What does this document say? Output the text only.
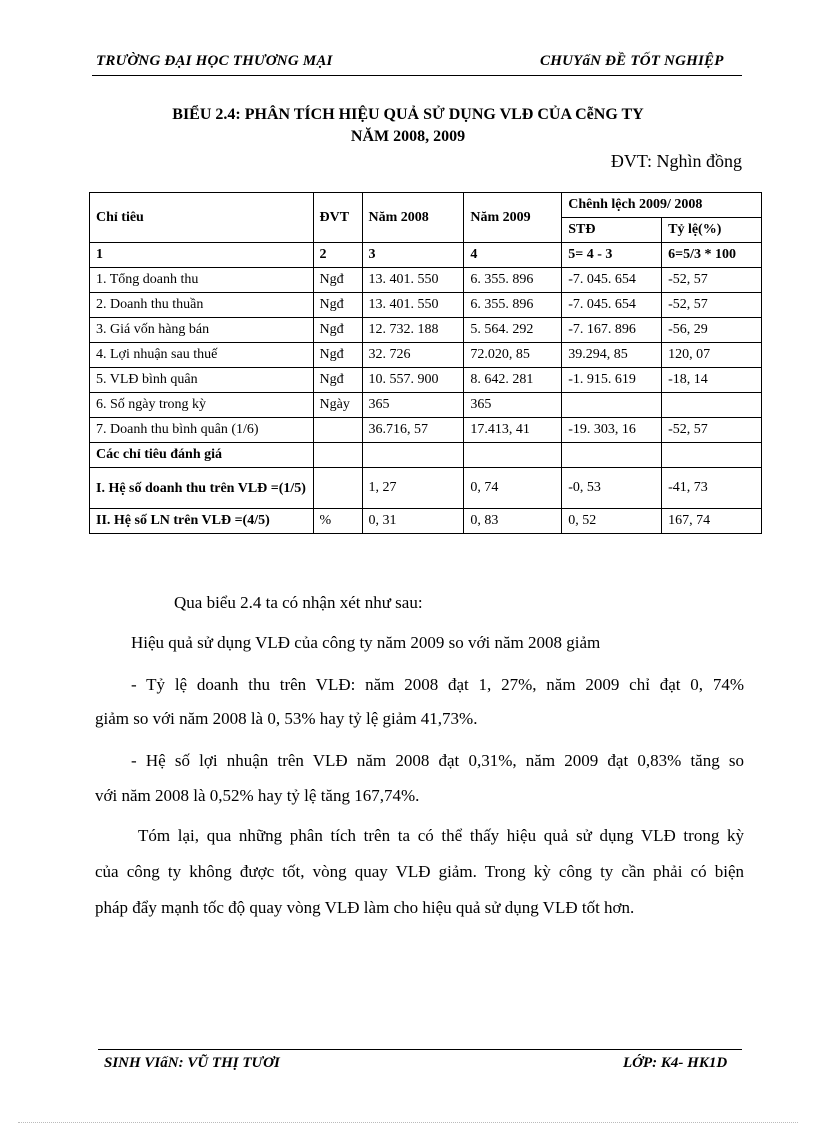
TRƯỜNG ĐẠI HỌC THƯƠNG MẠI	CHUYấN ĐỀ TỐT NGHIỆP
BIỂU 2.4: PHÂN TÍCH HIỆU QUẢ SỬ DỤNG VLĐ CỦA CễNG TY
NĂM 2008, 2009
ĐVT: Nghìn đồng
Chỉ tiêu	ĐVT	Năm 2008	Năm 2009	Chênh lệch 2009/ 2008	
				STĐ	Tỷ lệ(%)
1	2	3	4	5= 4 - 3	6=5/3 * 100
1. Tổng doanh thu	Ngđ	13. 401. 550	6. 355. 896	-7. 045. 654	-52, 57
2. Doanh thu thuần	Ngđ	13. 401. 550	6. 355. 896	-7. 045. 654	-52, 57
3. Giá vốn hàng bán	Ngđ	12. 732. 188	5. 564. 292	-7. 167. 896	-56, 29
4. Lợi nhuận sau thuế	Ngđ	32. 726	72.020, 85	39.294, 85	120, 07
5. VLĐ bình quân	Ngđ	10. 557. 900	8. 642. 281	-1. 915. 619	-18, 14
6. Số ngày trong kỳ	Ngày	365	365		
7. Doanh thu bình quân (1/6)		36.716, 57	17.413, 41	-19. 303, 16	-52, 57
Các chỉ tiêu đánh giá					
I. Hệ số doanh thu trên VLĐ =(1/5)		1, 27	0, 74	-0, 53	-41, 73
II. Hệ số LN trên VLĐ =(4/5)	%	0, 31	0, 83	0, 52	167, 74
Qua biểu 2.4 ta có nhận xét như sau:
Hiệu quả sử dụng VLĐ của công ty năm 2009 so với năm 2008 giảm
- Tỷ lệ doanh thu trên VLĐ: năm 2008 đạt 1, 27%, năm 2009 chỉ đạt 0, 74%
giảm so với năm 2008 là 0, 53% hay tỷ lệ giảm 41,73%.
- Hệ số lợi nhuận trên VLĐ năm 2008 đạt 0,31%, năm 2009 đạt 0,83% tăng so
với năm 2008 là 0,52% hay tỷ lệ tăng 167,74%.
Tóm lại, qua những phân tích trên ta có thể thấy hiệu quả sử dụng VLĐ trong kỳ
của công ty không được tốt, vòng quay VLĐ giảm. Trong kỳ công ty cần phải có biện
pháp đẩy mạnh tốc độ quay vòng VLĐ làm cho hiệu quả sử dụng VLĐ tốt hơn.
SINH VIấN: VŨ THỊ TƯƠI	LỚP: K4- HK1D
